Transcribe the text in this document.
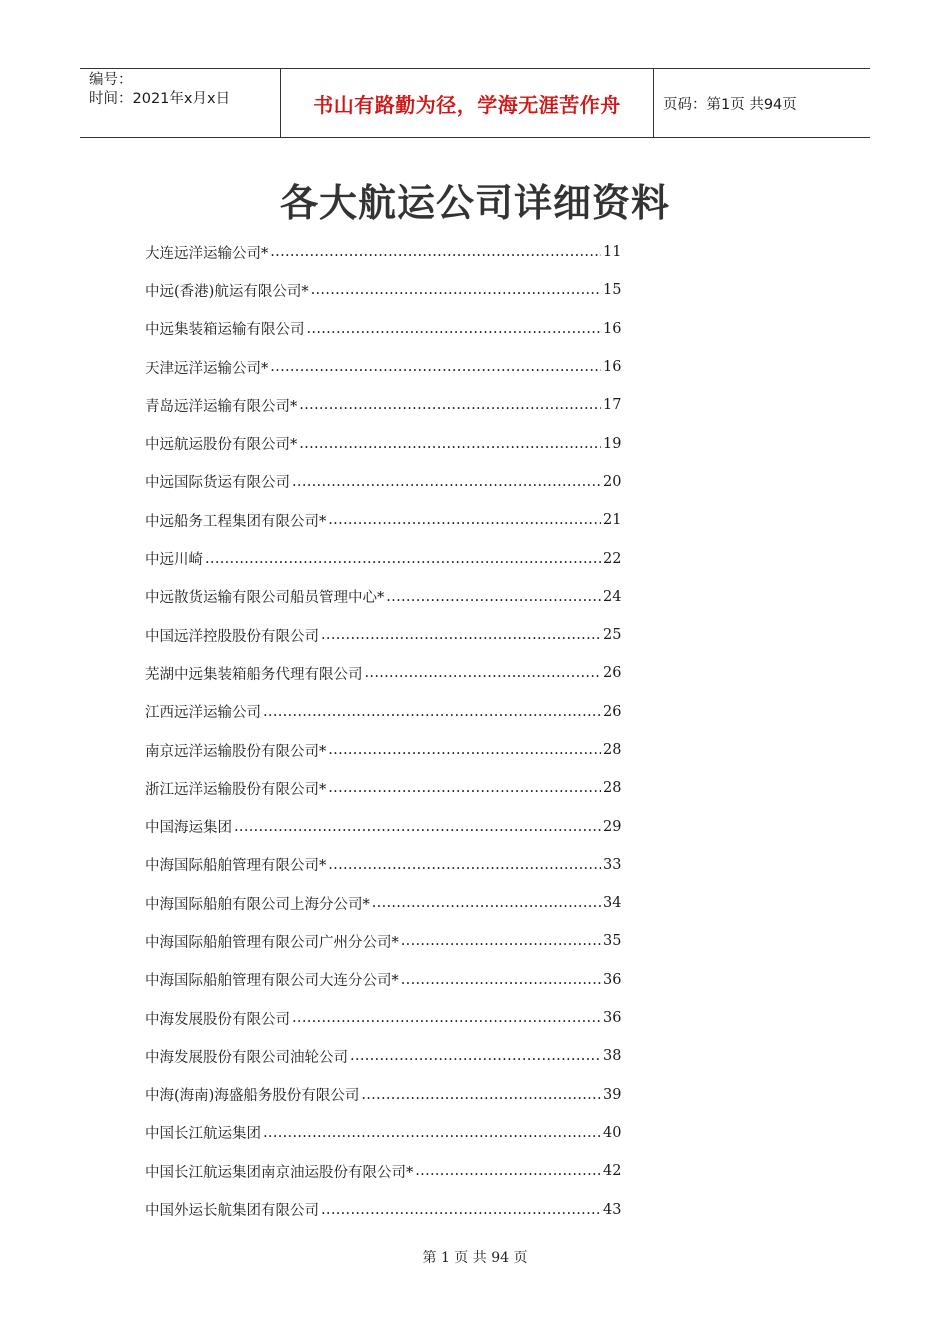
编号：
时间：2021年x月x日	书山有路勤为径，学海无涯苦作舟	页码：第1页 共94页
各大航运公司详细资料
大连远洋运输公司* .....	11
中远(香港)航运有限公司* .....	15
中远集装箱运输有限公司 .....	16
天津远洋运输公司* .....	16
青岛远洋运输有限公司* .....	17
中远航运股份有限公司* .....	19
中远国际货运有限公司 .....	20
中远船务工程集团有限公司* .....	21
中远川崎 .....	22
中远散货运输有限公司船员管理中心* .....	24
中国远洋控股股份有限公司 .....	25
芜湖中远集装箱船务代理有限公司 .....	26
江西远洋运输公司 .....	26
南京远洋运输股份有限公司* .....	28
浙江远洋运输股份有限公司* .....	28
中国海运集团 .....	29
中海国际船舶管理有限公司* .....	33
中海国际船舶有限公司上海分公司* .....	34
中海国际船舶管理有限公司广州分公司* .....	35
中海国际船舶管理有限公司大连分公司* .....	36
中海发展股份有限公司 .....	36
中海发展股份有限公司油轮公司 .....	38
中海(海南)海盛船务股份有限公司 .....	39
中国长江航运集团 .....	40
中国长江航运集团南京油运股份有限公司* .....	42
中国外运长航集团有限公司 .....	43
第 1 页 共 94 页
